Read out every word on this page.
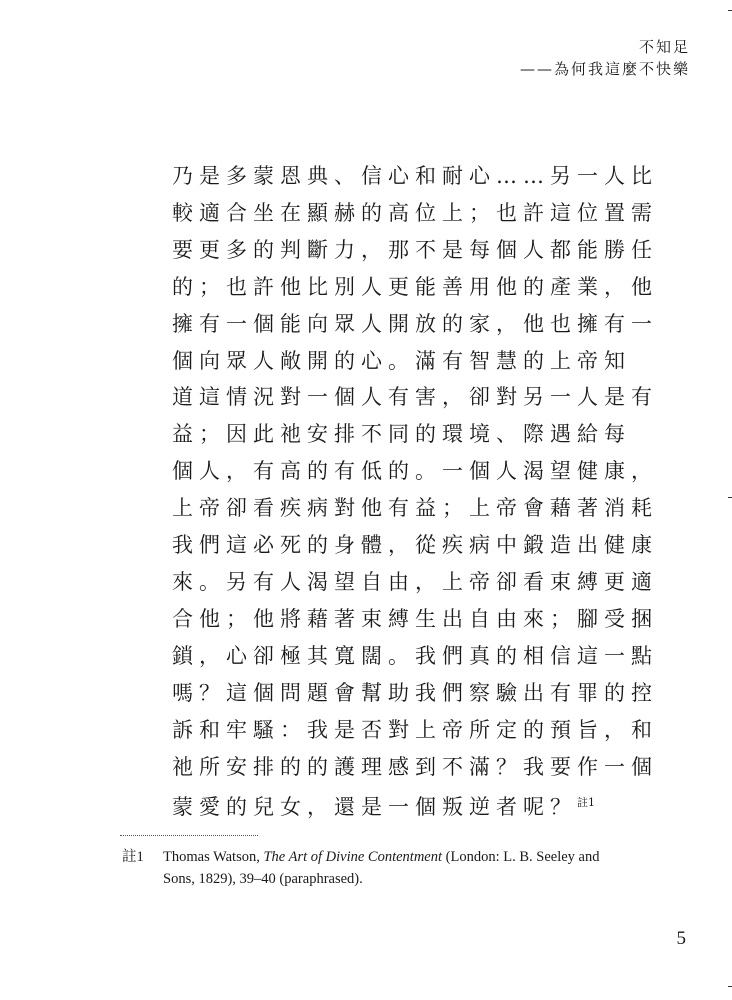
不知足
——為何我這麼不快樂
乃是多蒙恩典、信心和耐心……另一人比
較適合坐在顯赫的高位上；也許這位置需
要更多的判斷力，那不是每個人都能勝任
的；也許他比別人更能善用他的產業，他
擁有一個能向眾人開放的家，他也擁有一
個向眾人敞開的心。滿有智慧的上帝知
道這情況對一個人有害，卻對另一人是有
益；因此祂安排不同的環境、際遇給每
個人，有高的有低的。一個人渴望健康，
上帝卻看疾病對他有益；上帝會藉著消耗
我們這必死的身體，從疾病中鍛造出健康
來。另有人渴望自由，上帝卻看束縛更適
合他；他將藉著束縛生出自由來；腳受捆
鎖，心卻極其寬闊。我們真的相信這一點
嗎？這個問題會幫助我們察驗出有罪的控
訴和牢騷：我是否對上帝所定的預旨，和
祂所安排的的護理感到不滿？我要作一個
蒙愛的兒女，還是一個叛逆者呢？$^{註1}$
註1 Thomas Watson, The Art of Divine Contentment (London: L. B. Seeley and Sons, 1829), 39–40 (paraphrased).
5
